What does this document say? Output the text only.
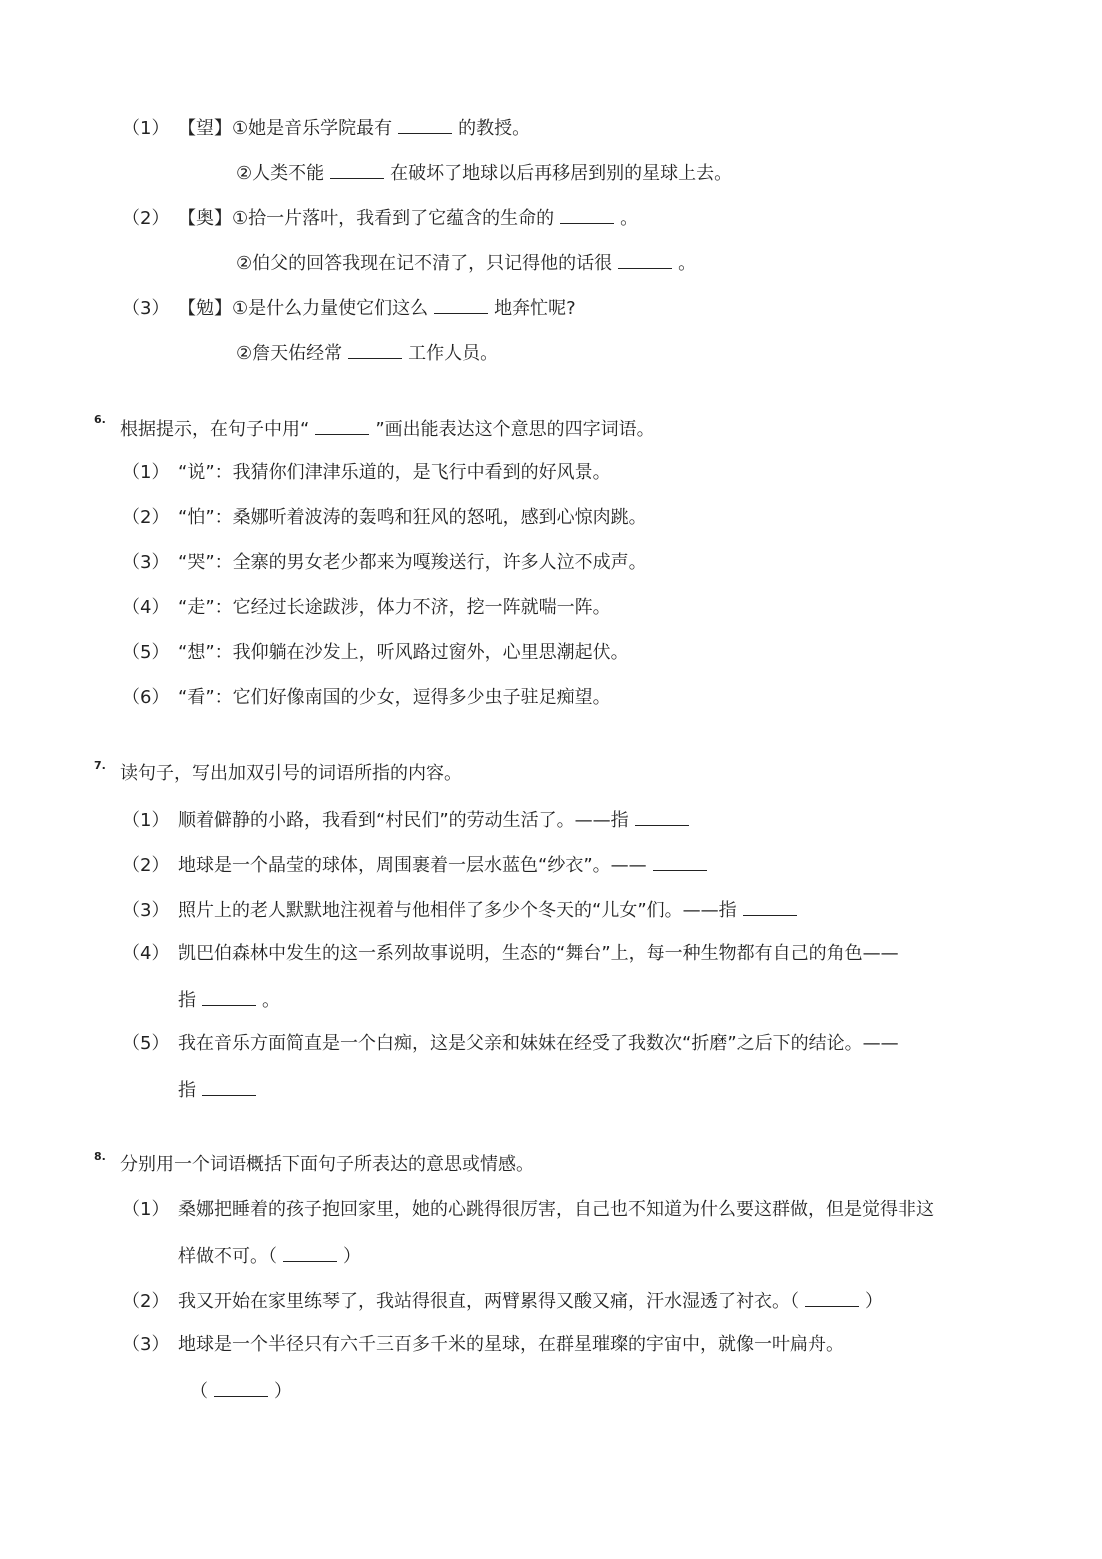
（1） 【望】①她是音乐学院最有	的教授。
②人类不能	在破坏了地球以后再移居到别的星球上去。
（2） 【奥】①拾一片落叶，我看到了它蕴含的生命的	。
②伯父的回答我现在记不清了，只记得他的话很	。
（3） 【勉】①是什么力量使它们这么	地奔忙呢?
②詹天佑经常	工作人员。
6. 根据提示，在句子中用“	”画出能表达这个意思的四字词语。
（1） “说”：我猜你们津津乐道的，是飞行中看到的好风景。
（2） “怕”：桑娜听着波涛的轰鸣和狂风的怒吼，感到心惊肉跳。
（3） “哭”：全寨的男女老少都来为嘎羧送行，许多人泣不成声。
（4） “走”：它经过长途跋涉，体力不济，挖一阵就喘一阵。
（5） “想”：我仰躺在沙发上，听风路过窗外，心里思潮起伏。
（6） “看”：它们好像南国的少女，逗得多少虫子驻足痴望。
7. 读句子，写出加双引号的词语所指的内容。
（1） 顺着僻静的小路，我看到“村民们”的劳动生活了。——指
（2） 地球是一个晶莹的球体，周围裹着一层水蓝色“纱衣”。——
（3） 照片上的老人默默地注视着与他相伴了多少个冬天的“儿女”们。——指
（4） 凯巴伯森林中发生的这一系列故事说明，生态的“舞台”上，每一种生物都有自己的角色——
指	。
（5） 我在音乐方面简直是一个白痴，这是父亲和妹妹在经受了我数次“折磨”之后下的结论。——
指
8. 分别用一个词语概括下面句子所表达的意思或情感。
（1） 桑娜把睡着的孩子抱回家里，她的心跳得很厉害，自己也不知道为什么要这群做，但是觉得非这
样做不可。（	）
（2） 我又开始在家里练琴了，我站得很直，两臂累得又酸又痛，汗水湿透了衬衣。（	）
（3） 地球是一个半径只有六千三百多千米的星球，在群星璀璨的宇宙中，就像一叶扁舟。
（	）
